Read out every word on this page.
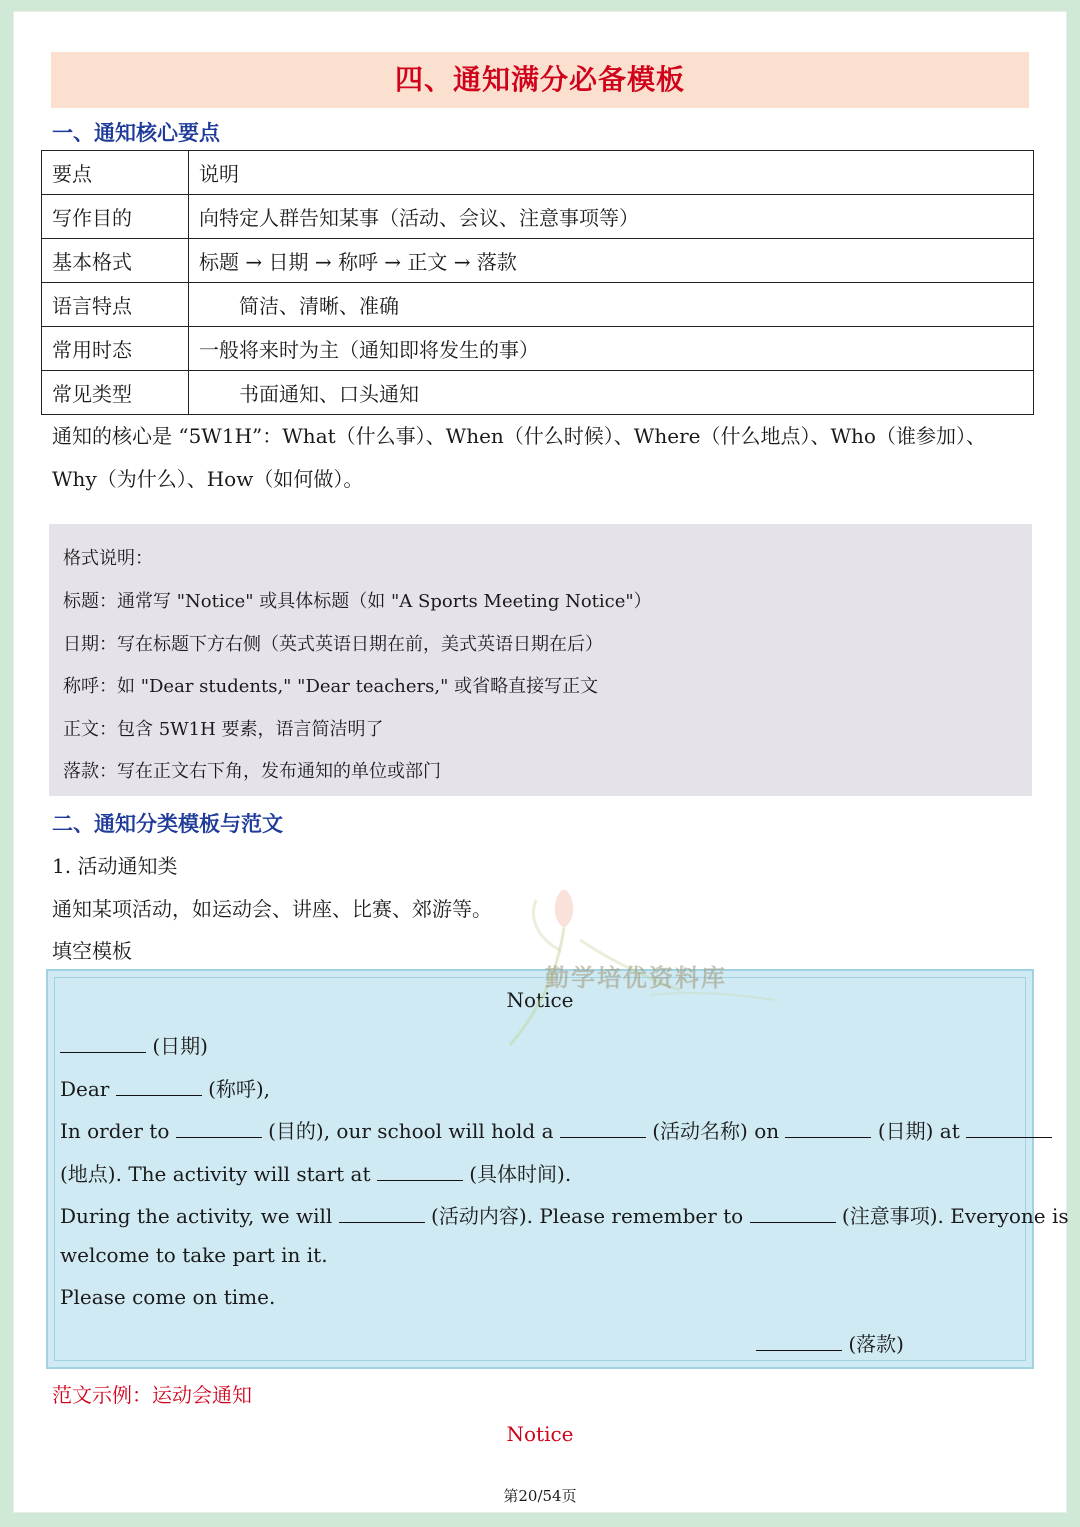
四、通知满分必备模板
一、通知核心要点
要点	说明
写作目的	向特定人群告知某事（活动、会议、注意事项等）
基本格式	标题 → 日期 → 称呼 → 正文 → 落款
语言特点	简洁、清晰、准确
常用时态	一般将来时为主（通知即将发生的事）
常见类型	书面通知、口头通知
通知的核心是 “5W1H”：What（什么事）、When（什么时候）、Where（什么地点）、Who（谁参加）、
Why（为什么）、How（如何做）。
格式说明：
标题：通常写 "Notice" 或具体标题（如 "A Sports Meeting Notice"）
日期：写在标题下方右侧（英式英语日期在前，美式英语日期在后）
称呼：如 "Dear students," "Dear teachers," 或省略直接写正文
正文：包含 5W1H 要素，语言简洁明了
落款：写在正文右下角，发布通知的单位或部门
二、通知分类模板与范文
1. 活动通知类
通知某项活动，如运动会、讲座、比赛、郊游等。
填空模板
Notice
(日期)
Dear	(称呼),
In order to	(目的), our school will hold a	(活动名称) on	(日期) at
(地点). The activity will start at	(具体时间).
During the activity, we will	(活动内容). Please remember to	(注意事项). Everyone is
welcome to take part in it.
Please come on time.
(落款)
勤学培优资料库
范文示例：运动会通知
Notice
第20/54页
